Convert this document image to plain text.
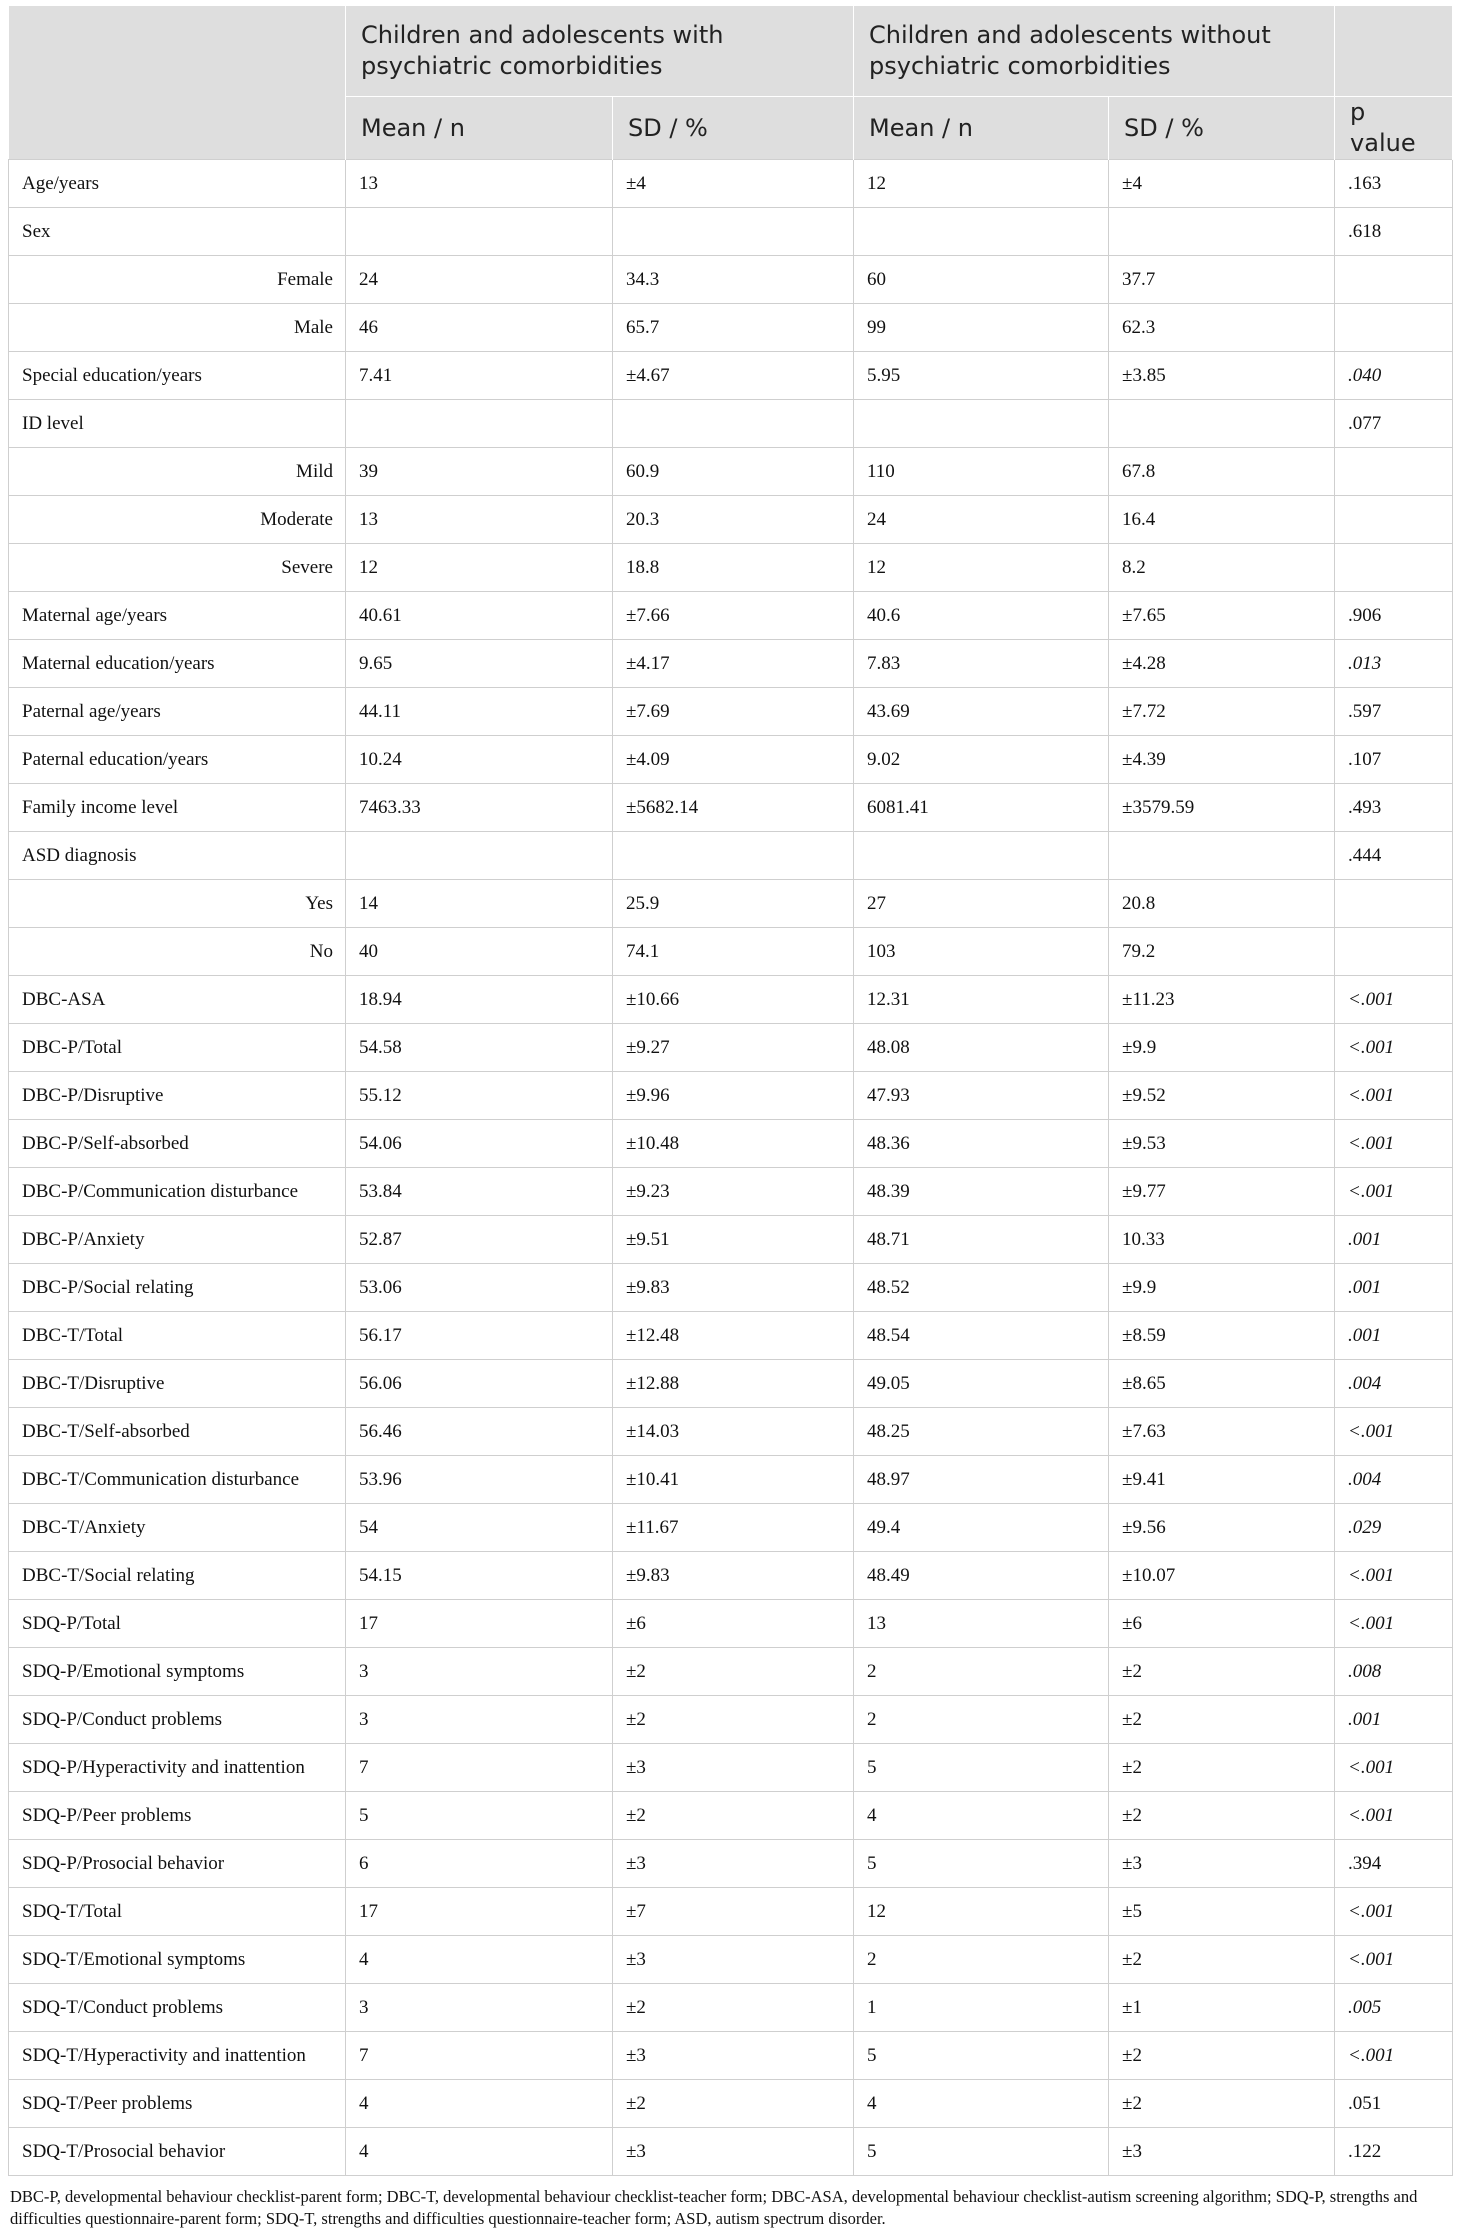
	Children and adolescents with psychiatric comorbidities		Children and adolescents without psychiatric comorbidities		
	Mean / n	SD / %	Mean / n	SD / %	p value
Age/years	13	±4	12	±4	.163
Sex					.618
Female	24	34.3	60	37.7	
Male	46	65.7	99	62.3	
Special education/years	7.41	±4.67	5.95	±3.85	.040
ID level					.077
Mild	39	60.9	110	67.8	
Moderate	13	20.3	24	16.4	
Severe	12	18.8	12	8.2	
Maternal age/years	40.61	±7.66	40.6	±7.65	.906
Maternal education/years	9.65	±4.17	7.83	±4.28	.013
Paternal age/years	44.11	±7.69	43.69	±7.72	.597
Paternal education/years	10.24	±4.09	9.02	±4.39	.107
Family income level	7463.33	±5682.14	6081.41	±3579.59	.493
ASD diagnosis					.444
Yes	14	25.9	27	20.8	
No	40	74.1	103	79.2	
DBC-ASA	18.94	±10.66	12.31	±11.23	<.001
DBC-P/Total	54.58	±9.27	48.08	±9.9	<.001
DBC-P/Disruptive	55.12	±9.96	47.93	±9.52	<.001
DBC-P/Self-absorbed	54.06	±10.48	48.36	±9.53	<.001
DBC-P/Communication disturbance	53.84	±9.23	48.39	±9.77	<.001
DBC-P/Anxiety	52.87	±9.51	48.71	10.33	.001
DBC-P/Social relating	53.06	±9.83	48.52	±9.9	.001
DBC-T/Total	56.17	±12.48	48.54	±8.59	.001
DBC-T/Disruptive	56.06	±12.88	49.05	±8.65	.004
DBC-T/Self-absorbed	56.46	±14.03	48.25	±7.63	<.001
DBC-T/Communication disturbance	53.96	±10.41	48.97	±9.41	.004
DBC-T/Anxiety	54	±11.67	49.4	±9.56	.029
DBC-T/Social relating	54.15	±9.83	48.49	±10.07	<.001
SDQ-P/Total	17	±6	13	±6	<.001
SDQ-P/Emotional symptoms	3	±2	2	±2	.008
SDQ-P/Conduct problems	3	±2	2	±2	.001
SDQ-P/Hyperactivity and inattention	7	±3	5	±2	<.001
SDQ-P/Peer problems	5	±2	4	±2	<.001
SDQ-P/Prosocial behavior	6	±3	5	±3	.394
SDQ-T/Total	17	±7	12	±5	<.001
SDQ-T/Emotional symptoms	4	±3	2	±2	<.001
SDQ-T/Conduct problems	3	±2	1	±1	.005
SDQ-T/Hyperactivity and inattention	7	±3	5	±2	<.001
SDQ-T/Peer problems	4	±2	4	±2	.051
SDQ-T/Prosocial behavior	4	±3	5	±3	.122
DBC-P, developmental behaviour checklist-parent form; DBC-T, developmental behaviour checklist-teacher form; DBC-ASA, developmental behaviour checklist-autism screening algorithm; SDQ-P, strengths and difficulties questionnaire-parent form; SDQ-T, strengths and difficulties questionnaire-teacher form; ASD, autism spectrum disorder.
